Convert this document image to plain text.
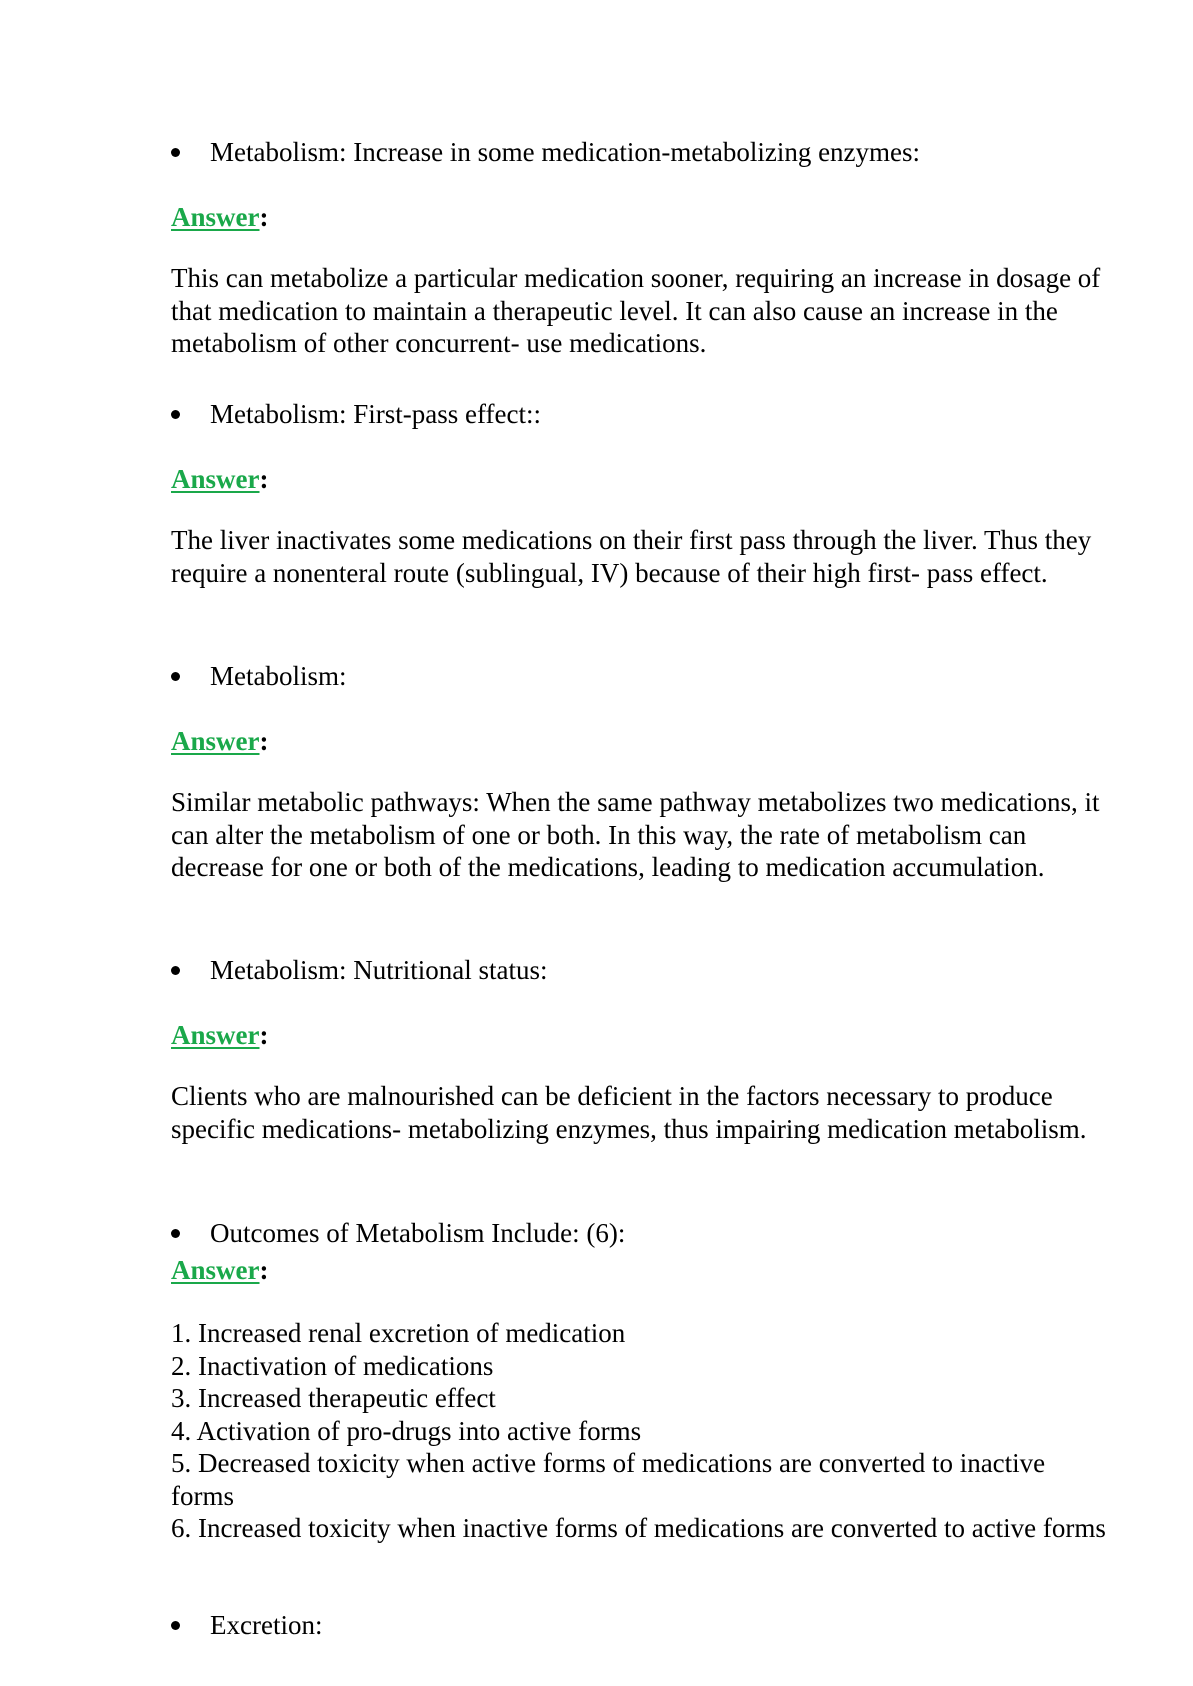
Metabolism: Increase in some medication-metabolizing enzymes:
Answer:
This can metabolize a particular medication sooner, requiring an increase in dosage of that medication to maintain a therapeutic level. It can also cause an increase in the metabolism of other concurrent- use medications.
Metabolism: First-pass effect::
Answer:
The liver inactivates some medications on their first pass through the liver. Thus they require a nonenteral route (sublingual, IV) because of their high first- pass effect.
Metabolism:
Answer:
Similar metabolic pathways: When the same pathway metabolizes two medications, it can alter the metabolism of one or both. In this way, the rate of metabolism can decrease for one or both of the medications, leading to medication accumulation.
Metabolism: Nutritional status:
Answer:
Clients who are malnourished can be deficient in the factors necessary to produce specific medications- metabolizing enzymes, thus impairing medication metabolism.
Outcomes of Metabolism Include: (6):
Answer:
1. Increased renal excretion of medication
2. Inactivation of medications
3. Increased therapeutic effect
4. Activation of pro-drugs into active forms
5. Decreased toxicity when active forms of medications are converted to inactive forms
6. Increased toxicity when inactive forms of medications are converted to active forms
Excretion:
